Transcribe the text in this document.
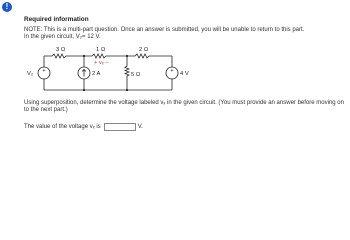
!
Required information
NOTE: This is a multi-part question. Once an answer is submitted, you will be unable to return to this part.
In the given circuit, V₂= 12 V.
+	+
3 Ω	1 Ω	2 Ω
+ vₓ –
5 Ω
V₂	2 A	4 V
Using superposition, determine the voltage labeled vₓ in the given circuit. (You must provide an answer before moving on to the next part.)
The value of the voltage vₓ is	V.
